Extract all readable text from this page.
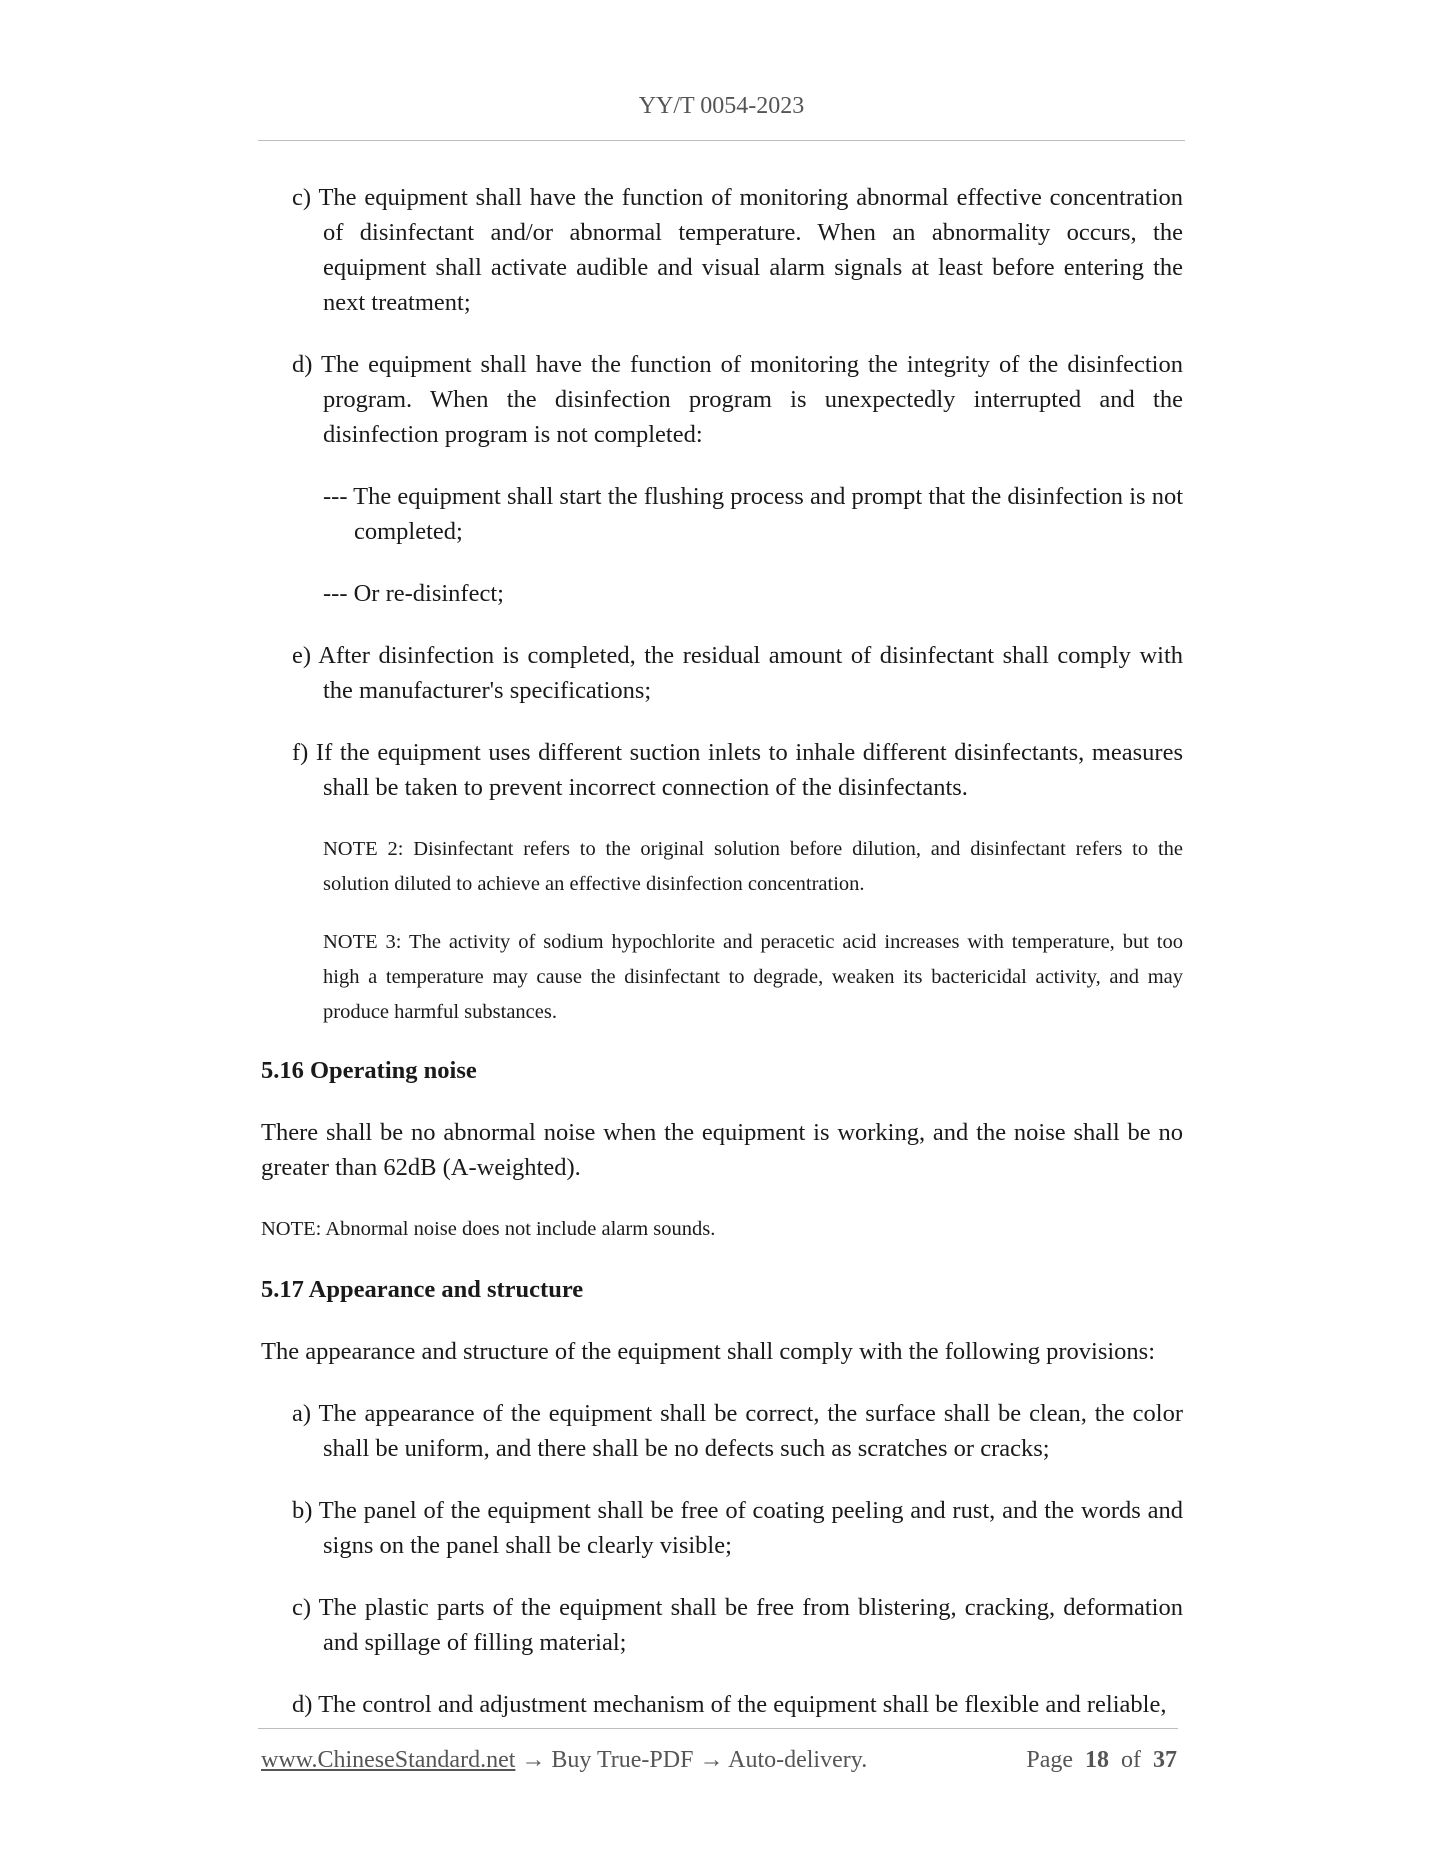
YY/T 0054-2023

c) The equipment shall have the function of monitoring abnormal effective concentration of disinfectant and/or abnormal temperature. When an abnormality occurs, the equipment shall activate audible and visual alarm signals at least before entering the next treatment;

d) The equipment shall have the function of monitoring the integrity of the disinfection program. When the disinfection program is unexpectedly interrupted and the disinfection program is not completed:

--- The equipment shall start the flushing process and prompt that the disinfection is not completed;

--- Or re-disinfect;

e) After disinfection is completed, the residual amount of disinfectant shall comply with the manufacturer's specifications;

f) If the equipment uses different suction inlets to inhale different disinfectants, measures shall be taken to prevent incorrect connection of the disinfectants.

NOTE 2: Disinfectant refers to the original solution before dilution, and disinfectant refers to the solution diluted to achieve an effective disinfection concentration.

NOTE 3: The activity of sodium hypochlorite and peracetic acid increases with temperature, but too high a temperature may cause the disinfectant to degrade, weaken its bactericidal activity, and may produce harmful substances.

5.16 Operating noise

There shall be no abnormal noise when the equipment is working, and the noise shall be no greater than 62dB (A-weighted).

NOTE: Abnormal noise does not include alarm sounds.

5.17 Appearance and structure

The appearance and structure of the equipment shall comply with the following provisions:

a) The appearance of the equipment shall be correct, the surface shall be clean, the color shall be uniform, and there shall be no defects such as scratches or cracks;

b) The panel of the equipment shall be free of coating peeling and rust, and the words and signs on the panel shall be clearly visible;

c) The plastic parts of the equipment shall be free from blistering, cracking, deformation and spillage of filling material;

d) The control and adjustment mechanism of the equipment shall be flexible and reliable,

www.ChineseStandard.net → Buy True-PDF → Auto-delivery.	Page 18 of 37
